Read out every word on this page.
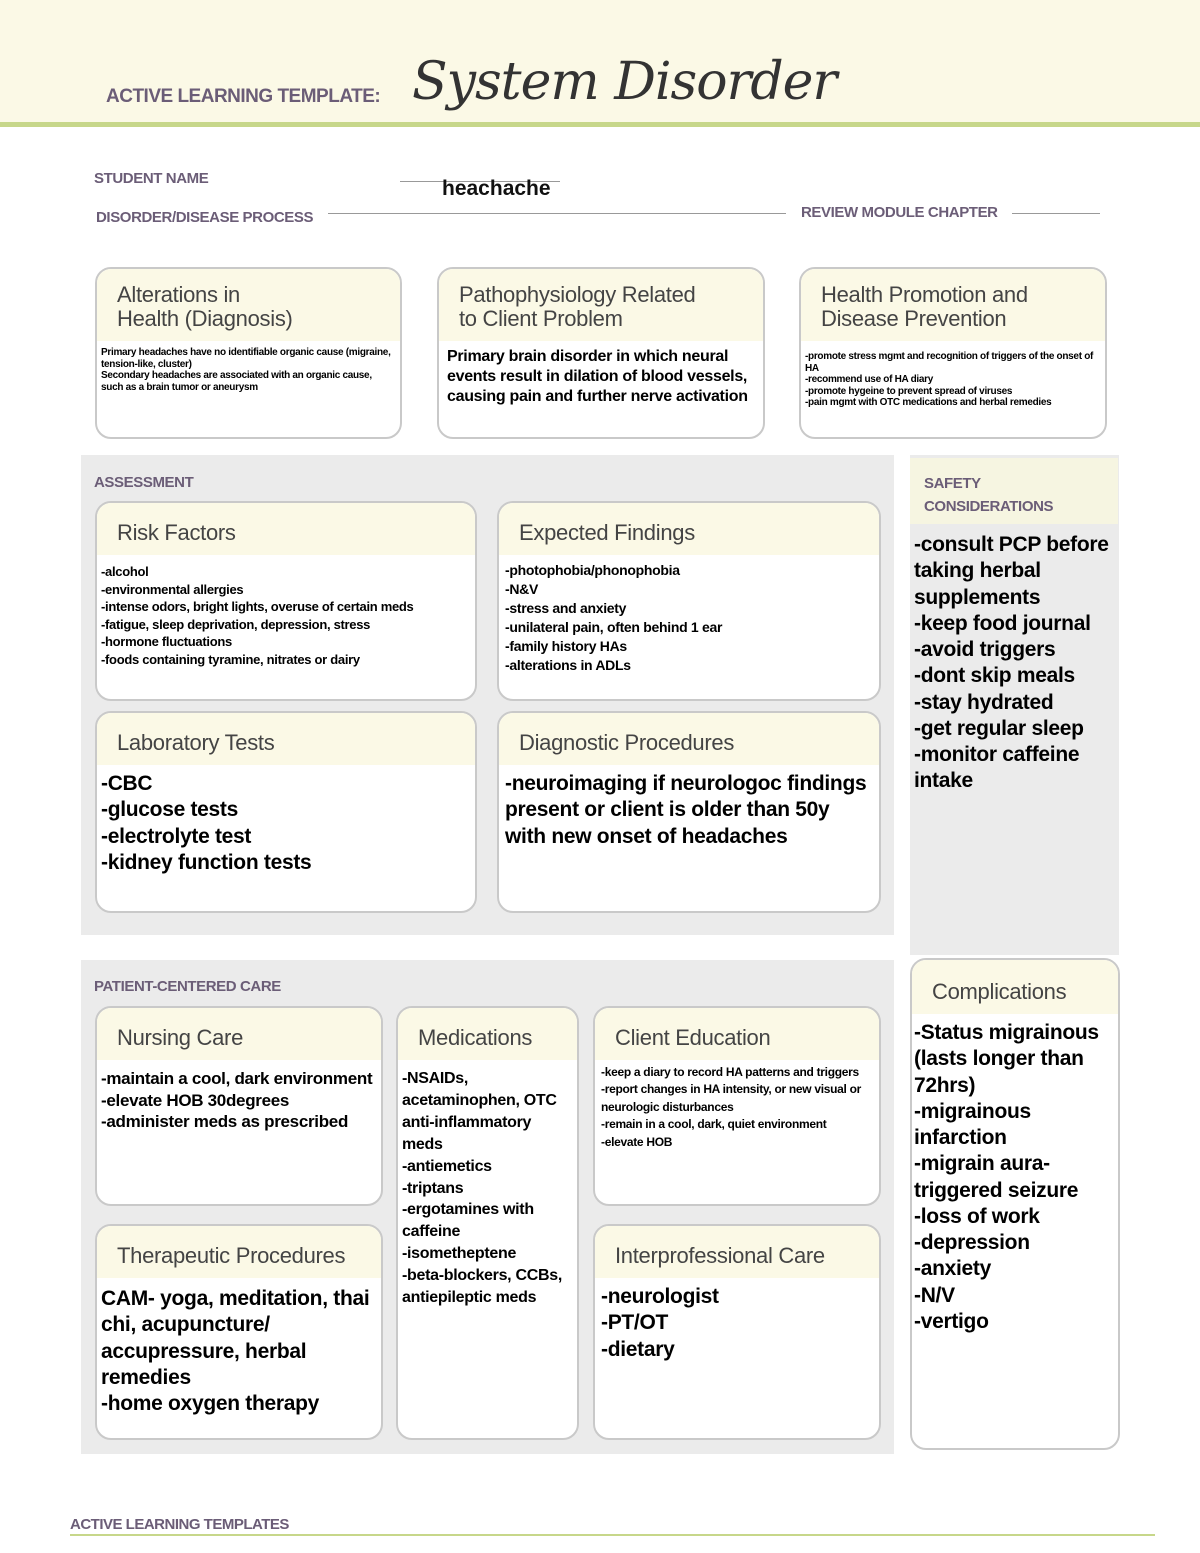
ACTIVE LEARNING TEMPLATE: System Disorder
STUDENT NAME
DISORDER/DISEASE PROCESS
heachache
REVIEW MODULE CHAPTER
Alterations in
Health (Diagnosis)
Primary headaches have no identifiable organic cause (migraine, tension-like, cluster)
Secondary headaches are associated with an organic cause, such as a brain tumor or aneurysm
Pathophysiology Related
to Client Problem
Primary brain disorder in which neural events result in dilation of blood vessels, causing pain and further nerve activation
Health Promotion and
Disease Prevention
-promote stress mgmt and recognition of triggers of the onset of HA
-recommend use of HA diary
-promote hygeine to prevent spread of viruses
-pain mgmt with OTC medications and herbal remedies
ASSESSMENT
Risk Factors
-alcohol
-environmental allergies
-intense odors, bright lights, overuse of certain meds
-fatigue, sleep deprivation, depression, stress
-hormone fluctuations
-foods containing tyramine, nitrates or dairy
Expected Findings
-photophobia/phonophobia
-N&V
-stress and anxiety
-unilateral pain, often behind 1 ear
-family history HAs
-alterations in ADLs
Laboratory Tests
-CBC
-glucose tests
-electrolyte test
-kidney function tests
Diagnostic Procedures
-neuroimaging if neurologoc findings present or client is older than 50y with new onset of headaches
SAFETY
CONSIDERATIONS
-consult PCP before taking herbal supplements
-keep food journal
-avoid triggers
-dont skip meals
-stay hydrated
-get regular sleep
-monitor caffeine intake
PATIENT-CENTERED CARE
Nursing Care
-maintain a cool, dark environment
-elevate HOB 30degrees
-administer meds as prescribed
Medications
-NSAIDs, acetaminophen, OTC anti-inflammatory meds
-antiemetics
-triptans
-ergotamines with caffeine
-isometheptene
-beta-blockers, CCBs, antiepileptic meds
Client Education
-keep a diary to record HA patterns and triggers
-report changes in HA intensity, or new visual or neurologic disturbances
-remain in a cool, dark, quiet environment
-elevate HOB
Therapeutic Procedures
CAM- yoga, meditation, thai chi, acupuncture/ accupressure, herbal remedies
-home oxygen therapy
Interprofessional Care
-neurologist
-PT/OT
-dietary
Complications
-Status migrainous (lasts longer than 72hrs)
-migrainous infarction
-migrain aura-triggered seizure
-loss of work
-depression
-anxiety
-N/V
-vertigo
ACTIVE LEARNING TEMPLATES
